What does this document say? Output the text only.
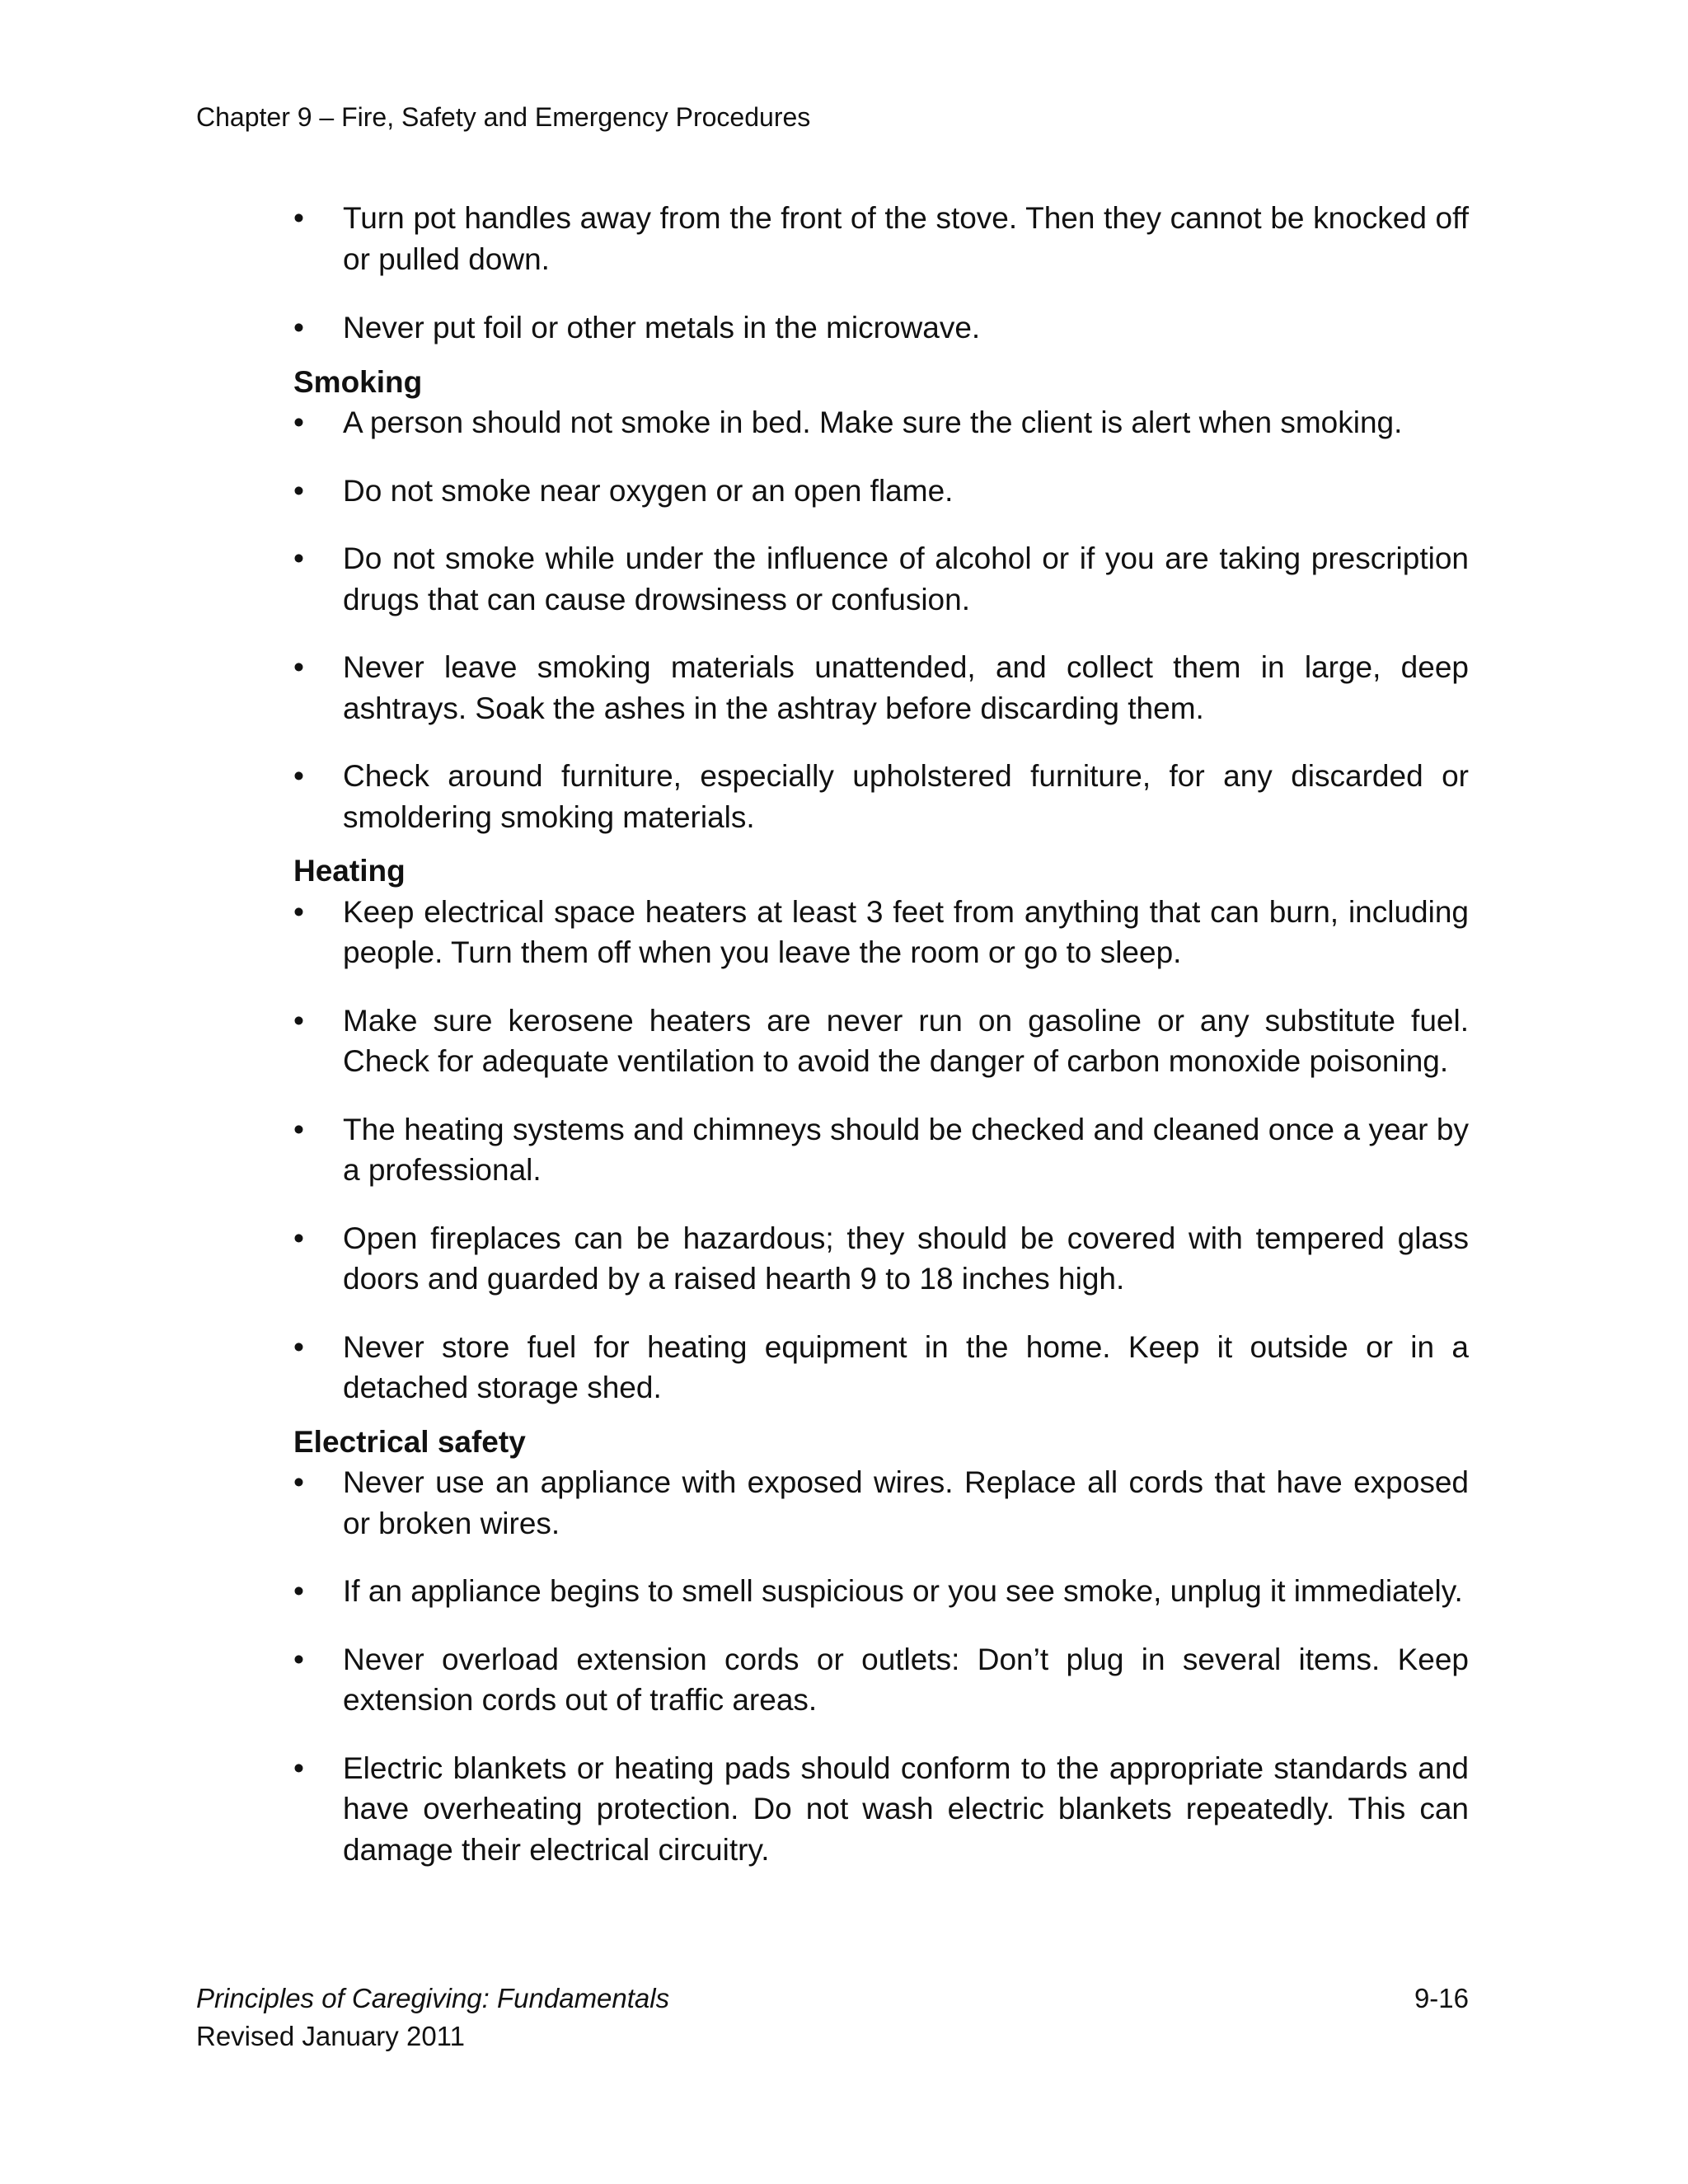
Chapter 9 – Fire, Safety and Emergency Procedures
• Turn pot handles away from the front of the stove. Then they cannot be knocked off or pulled down.
• Never put foil or other metals in the microwave.
Smoking
• A person should not smoke in bed. Make sure the client is alert when smoking.
• Do not smoke near oxygen or an open flame.
• Do not smoke while under the influence of alcohol or if you are taking prescription drugs that can cause drowsiness or confusion.
• Never leave smoking materials unattended, and collect them in large, deep ashtrays. Soak the ashes in the ashtray before discarding them.
• Check around furniture, especially upholstered furniture, for any discarded or smoldering smoking materials.
Heating
• Keep electrical space heaters at least 3 feet from anything that can burn, including people. Turn them off when you leave the room or go to sleep.
• Make sure kerosene heaters are never run on gasoline or any substitute fuel. Check for adequate ventilation to avoid the danger of carbon monoxide poisoning.
• The heating systems and chimneys should be checked and cleaned once a year by a professional.
• Open fireplaces can be hazardous; they should be covered with tempered glass doors and guarded by a raised hearth 9 to 18 inches high.
• Never store fuel for heating equipment in the home. Keep it outside or in a detached storage shed.
Electrical safety
• Never use an appliance with exposed wires. Replace all cords that have exposed or broken wires.
• If an appliance begins to smell suspicious or you see smoke, unplug it immediately.
• Never overload extension cords or outlets: Don’t plug in several items. Keep extension cords out of traffic areas.
• Electric blankets or heating pads should conform to the appropriate standards and have overheating protection. Do not wash electric blankets repeatedly. This can damage their electrical circuitry.
Principles of Caregiving: Fundamentals
Revised January 2011
9-16
